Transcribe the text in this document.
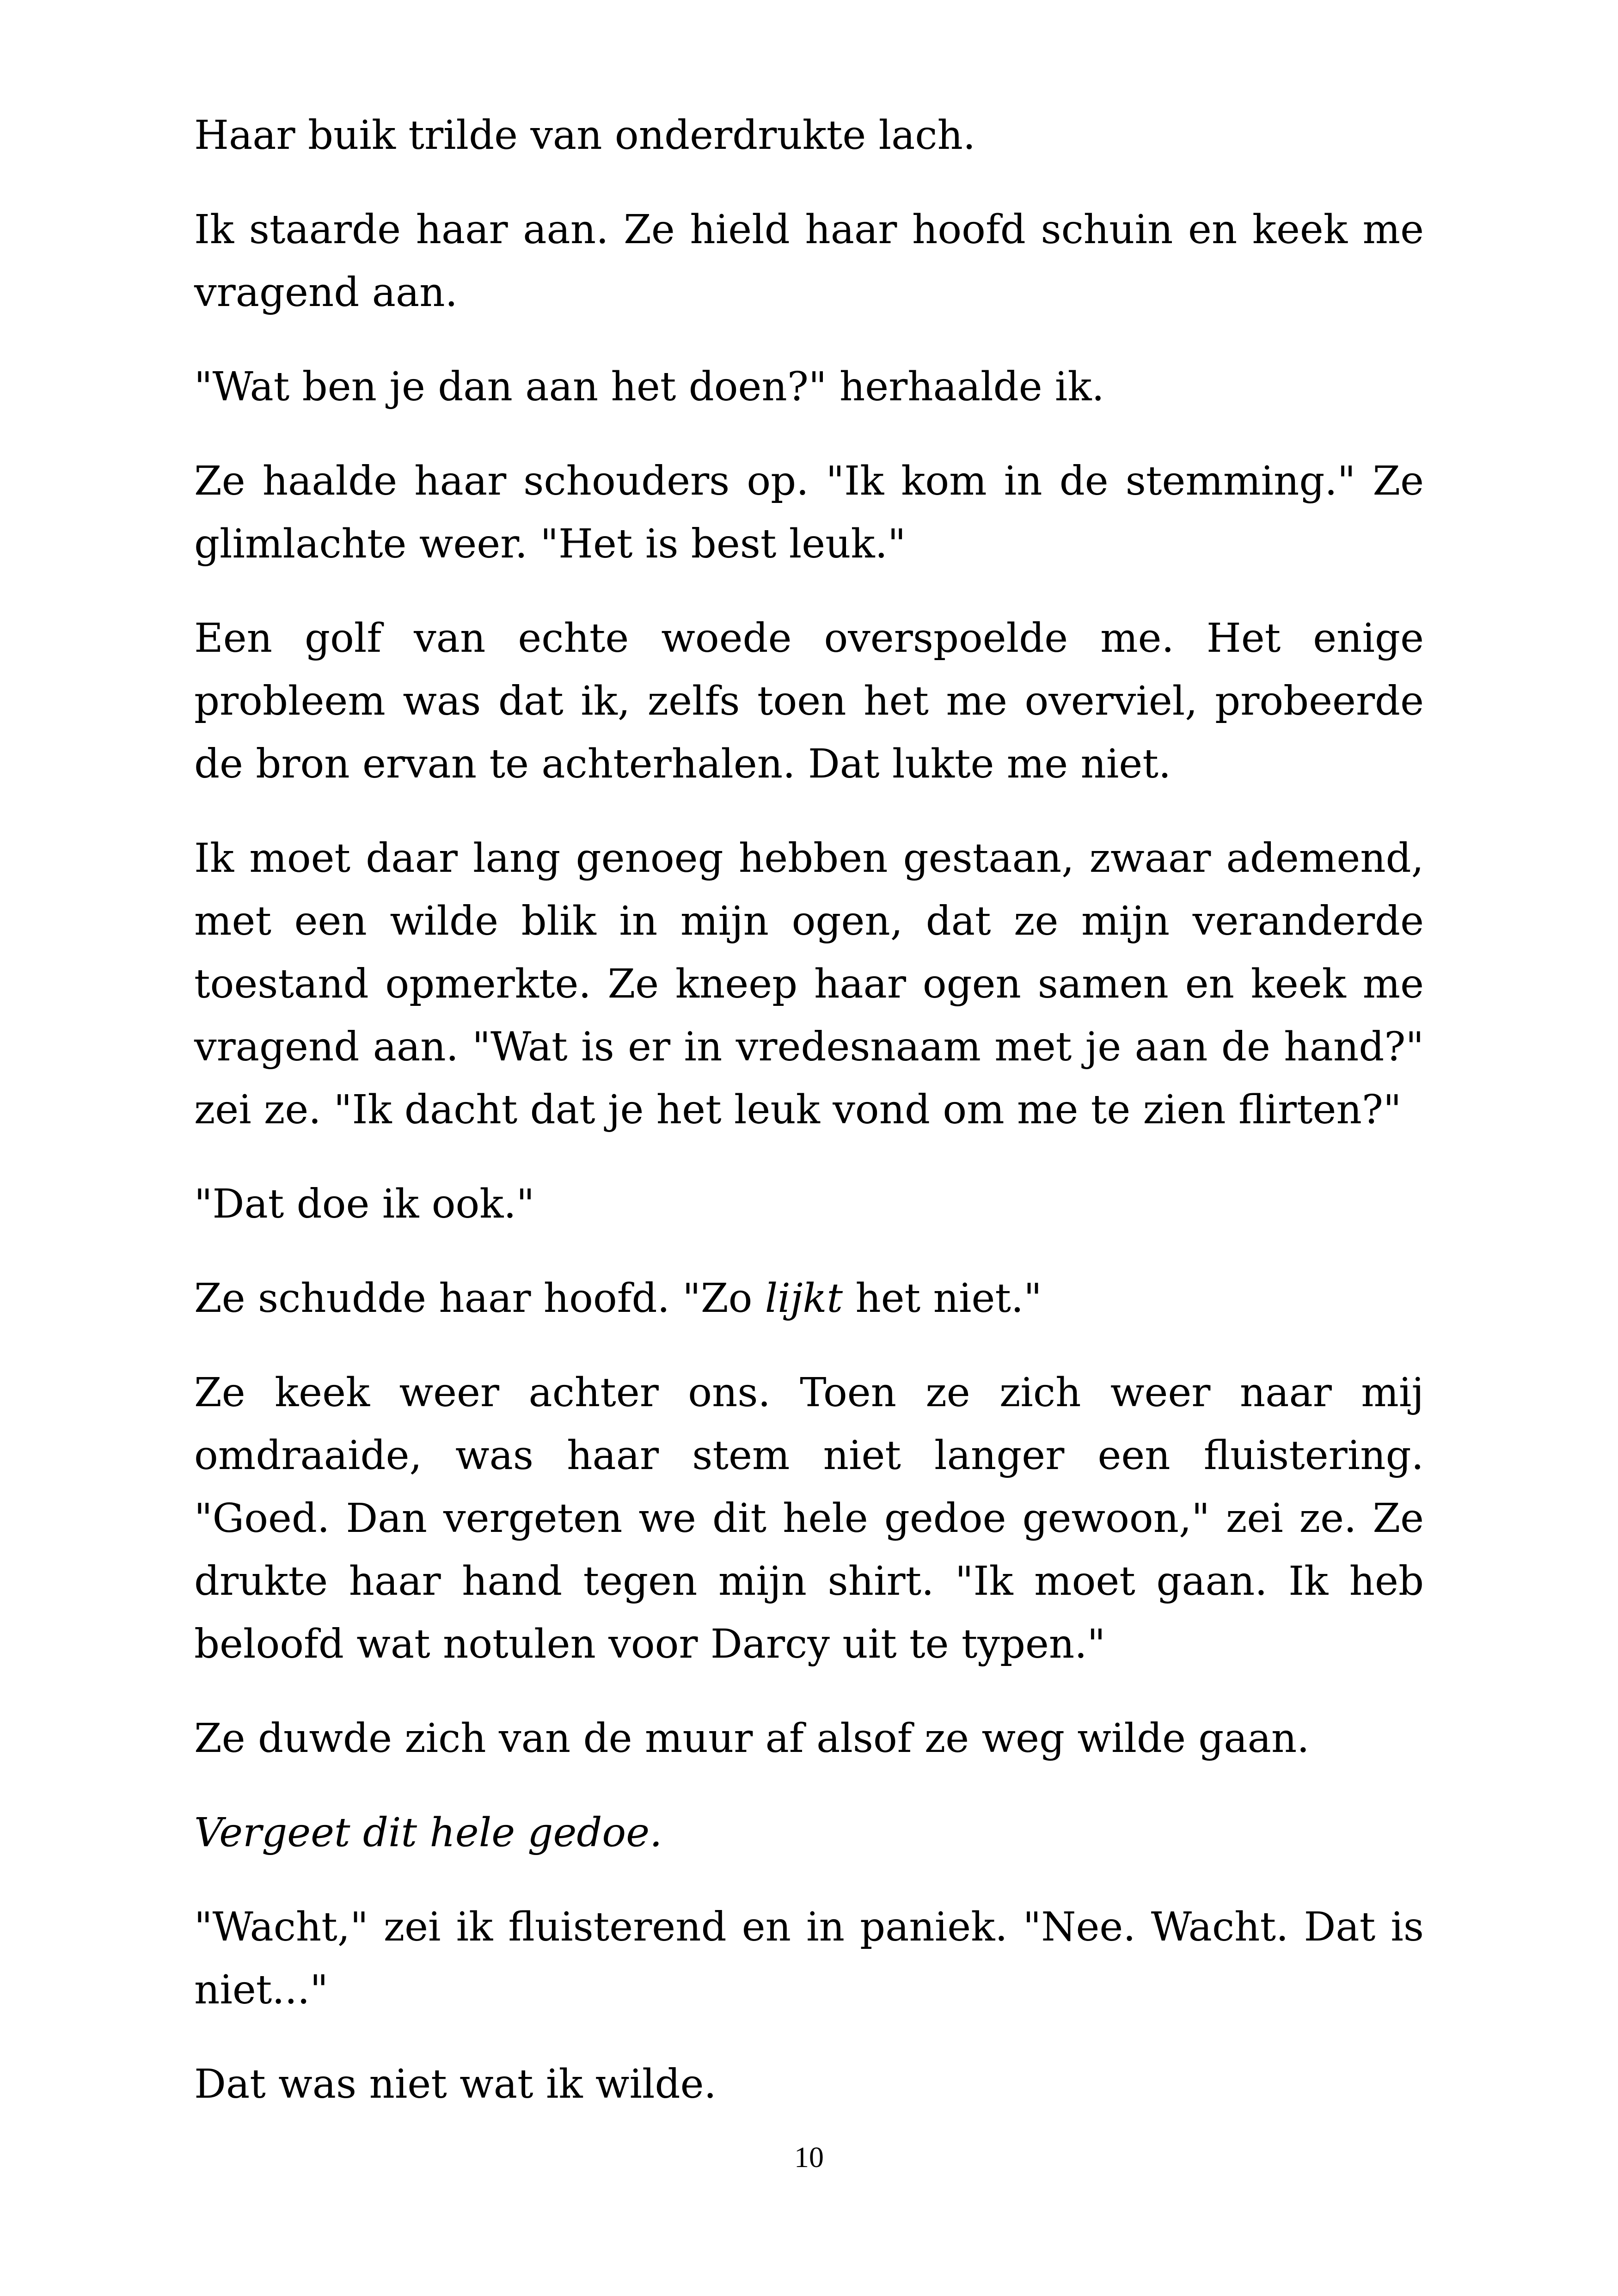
Haar buik trilde van onderdrukte lach.

Ik staarde haar aan. Ze hield haar hoofd schuin en keek me vragend aan.

"Wat ben je dan aan het doen?" herhaalde ik.

Ze haalde haar schouders op. "Ik kom in de stemming." Ze glimlachte weer. "Het is best leuk."

Een golf van echte woede overspoelde me. Het enige probleem was dat ik, zelfs toen het me overviel, probeerde de bron ervan te achterhalen. Dat lukte me niet.

Ik moet daar lang genoeg hebben gestaan, zwaar ademend, met een wilde blik in mijn ogen, dat ze mijn veranderde toestand opmerkte. Ze kneep haar ogen samen en keek me vragend aan. "Wat is er in vredesnaam met je aan de hand?" zei ze. "Ik dacht dat je het leuk vond om me te zien flirten?"

"Dat doe ik ook."

Ze schudde haar hoofd. "Zo lijkt het niet."

Ze keek weer achter ons. Toen ze zich weer naar mij omdraaide, was haar stem niet langer een fluistering. "Goed. Dan vergeten we dit hele gedoe gewoon," zei ze. Ze drukte haar hand tegen mijn shirt. "Ik moet gaan. Ik heb beloofd wat notulen voor Darcy uit te typen."

Ze duwde zich van de muur af alsof ze weg wilde gaan.

Vergeet dit hele gedoe.

"Wacht," zei ik fluisterend en in paniek. "Nee. Wacht. Dat is niet..."

Dat was niet wat ik wilde.

10
